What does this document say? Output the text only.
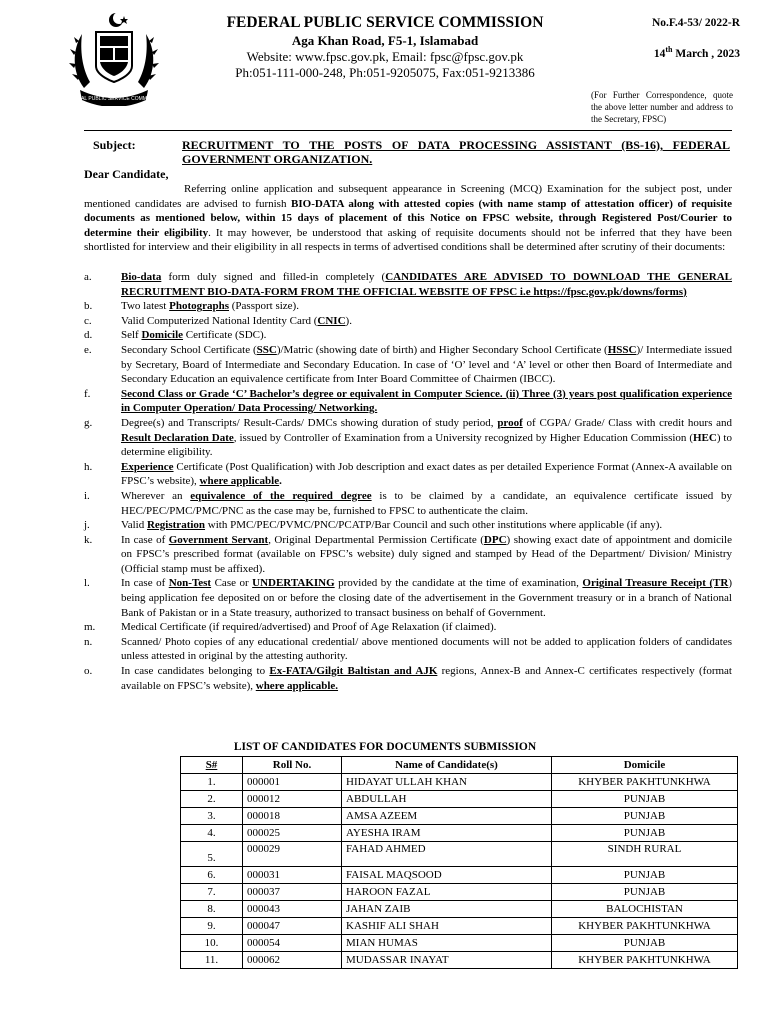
FEDERAL PUBLIC SERVICE COMMISSION
FEDERAL PUBLIC SERVICE COMMISSION
Aga Khan Road, F5-1, Islamabad
Website: www.fpsc.gov.pk, Email: fpsc@fpsc.gov.pk
Ph:051-111-000-248, Ph:051-9205075, Fax:051-9213386
No.F.4-53/ 2022-R
14th March , 2023
(For Further Correspondence, quote the above letter number and address to the Secretary, FPSC)
Subject:	RECRUITMENT TO THE POSTS OF DATA PROCESSING ASSISTANT (BS-16), FEDERAL GOVERNMENT ORGANIZATION.
Dear Candidate,
Referring online application and subsequent appearance in Screening (MCQ) Examination for the subject post, under mentioned candidates are advised to furnish BIO-DATA along with attested copies (with name stamp of attestation officer) of requisite documents as mentioned below, within 15 days of placement of this Notice on FPSC website, through Registered Post/Courier to determine their eligibility. It may however, be understood that asking of requisite documents should not be inferred that they have been shortlisted for interview and their eligibility in all respects in terms of advertised conditions shall be determined after scrutiny of their documents:
a.	Bio-data form duly signed and filled-in completely (CANDIDATES ARE ADVISED TO DOWNLOAD THE GENERAL RECRUITMENT BIO-DATA-FORM FROM THE OFFICIAL WEBSITE OF FPSC i.e https://fpsc.gov.pk/downs/forms)
b.	Two latest Photographs (Passport size).
c.	Valid Computerized National Identity Card (CNIC).
d.	Self Domicile Certificate (SDC).
e.	Secondary School Certificate (SSC)/Matric (showing date of birth) and Higher Secondary School Certificate (HSSC)/ Intermediate issued by Secretary, Board of Intermediate and Secondary Education. In case of ‘O’ level and ‘A’ level or other then Board of Intermediate and Secondary Education an equivalence certificate from Inter Board Committee of Chairmen (IBCC).
f.	Second Class or Grade ‘C’ Bachelor’s degree or equivalent in Computer Science. (ii) Three (3) years post qualification experience in Computer Operation/ Data Processing/ Networking.
g.	Degree(s) and Transcripts/ Result-Cards/ DMCs showing duration of study period, proof of CGPA/ Grade/ Class with credit hours and Result Declaration Date, issued by Controller of Examination from a University recognized by Higher Education Commission (HEC) to determine eligibility.
h.	Experience Certificate (Post Qualification) with Job description and exact dates as per detailed Experience Format (Annex-A available on FPSC’s website), where applicable.
i.	Wherever an equivalence of the required degree is to be claimed by a candidate, an equivalence certificate issued by HEC/PEC/PMC/PMC/PNC as the case may be, furnished to FPSC to authenticate the claim.
j.	Valid Registration with PMC/PEC/PVMC/PNC/PCATP/Bar Council and such other institutions where applicable (if any).
k.	In case of Government Servant, Original Departmental Permission Certificate (DPC) showing exact date of appointment and domicile on FPSC’s prescribed format (available on FPSC’s website) duly signed and stamped by Head of the Department/ Division/ Ministry (Official stamp must be affixed).
l.	In case of Non-Test Case or UNDERTAKING provided by the candidate at the time of examination, Original Treasure Receipt (TR) being application fee deposited on or before the closing date of the advertisement in the Government treasury or in a branch of National Bank of Pakistan or in a State treasury, authorized to transact business on behalf of Government.
m.	Medical Certificate (if required/advertised) and Proof of Age Relaxation (if claimed).
n.	Scanned/ Photo copies of any educational credential/ above mentioned documents will not be added to application folders of candidates unless attested in original by the attesting authority.
o.	In case candidates belonging to Ex-FATA/Gilgit Baltistan and AJK regions, Annex-B and Annex-C certificates respectively (format available on FPSC’s website), where applicable.
LIST OF CANDIDATES FOR DOCUMENTS SUBMISSION
S#	Roll No.	Name of Candidate(s)	Domicile
1.	000001	HIDAYAT ULLAH KHAN	KHYBER PAKHTUNKHWA
2.	000012	ABDULLAH	PUNJAB
3.	000018	AMSA AZEEM	PUNJAB
4.	000025	AYESHA IRAM	PUNJAB
5.	000029	FAHAD AHMED	SINDH RURAL
6.	000031	FAISAL MAQSOOD	PUNJAB
7.	000037	HAROON FAZAL	PUNJAB
8.	000043	JAHAN ZAIB	BALOCHISTAN
9.	000047	KASHIF ALI SHAH	KHYBER PAKHTUNKHWA
10.	000054	MIAN HUMAS	PUNJAB
11.	000062	MUDASSAR INAYAT	KHYBER PAKHTUNKHWA
